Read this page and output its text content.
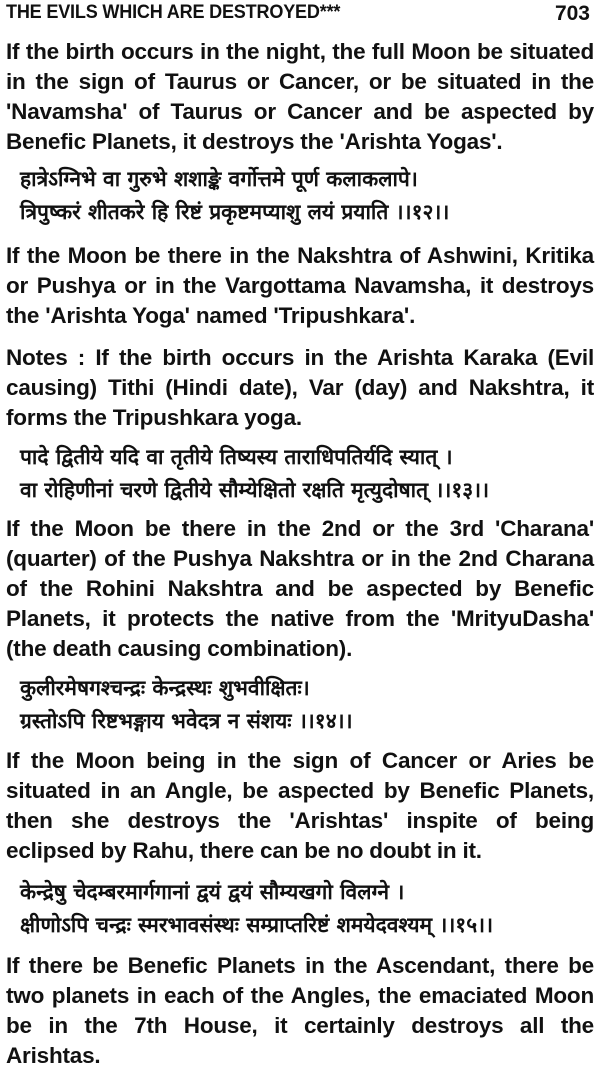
THE EVILS WHICH ARE DESTROYED***	703
If the birth occurs in the night, the full Moon be situated in the sign of Taurus or Cancer, or be situated in the 'Navamsha' of Taurus or Cancer and be aspected by Benefic Planets, it destroys the 'Arishta Yogas'.
हात्रेऽग्निभे वा गुरुभे शशाङ्के वर्गोत्तमे पूर्ण कलाकलापे।
त्रिपुष्करं शीतकरे हि रिष्टं प्रकृष्टमप्याशु लयं प्रयाति ।।१२।।
If the Moon be there in the Nakshtra of Ashwini, Kritika or Pushya or in the Vargottama Navamsha, it destroys the 'Arishta Yoga' named 'Tripushkara'.
Notes : If the birth occurs in the Arishta Karaka (Evil causing) Tithi (Hindi date), Var (day) and Nakshtra, it forms the Tripushkara yoga.
पादे द्वितीये यदि वा तृतीये तिष्यस्य ताराधिपतिर्यदि स्यात् ।
वा रोहिणीनां चरणे द्वितीये सौम्येक्षितो रक्षति मृत्युदोषात् ।।१३।।
If the Moon be there in the 2nd or the 3rd 'Charana' (quarter) of the Pushya Nakshtra or in the 2nd Charana of the Rohini Nakshtra and be aspected by Benefic Planets, it protects the native from the 'MrityuDasha' (the death causing combination).
कुलीरमेषगश्चन्द्रः केन्द्रस्थः शुभवीक्षितः।
ग्रस्तोऽपि रिष्टभङ्गाय भवेदत्र न संशयः ।।१४।।
If the Moon being in the sign of Cancer or Aries be situated in an Angle, be aspected by Benefic Planets, then she destroys the 'Arishtas' inspite of being eclipsed by Rahu, there can be no doubt in it.
केन्द्रेषु चेदम्बरमार्गगानां द्वयं द्वयं सौम्यखगो विलग्ने ।
क्षीणोऽपि चन्द्रः स्मरभावसंस्थः सम्प्राप्तरिष्टं शमयेदवश्यम् ।।१५।।
If there be Benefic Planets in the Ascendant, there be two planets in each of the Angles, the emaciated Moon be in the 7th House, it certainly destroys all the Arishtas.
